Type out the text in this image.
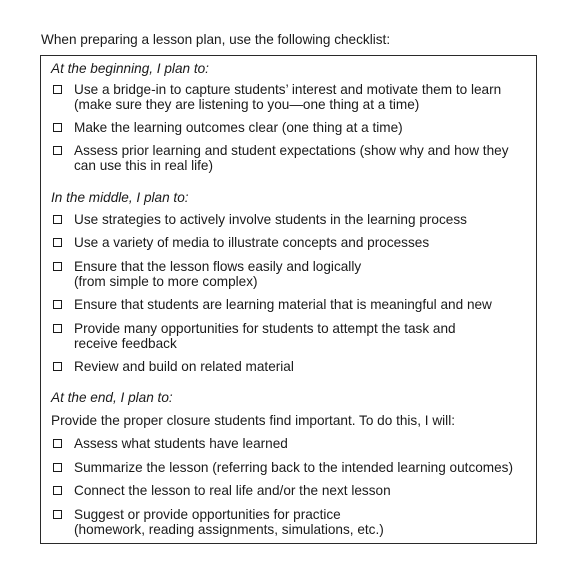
When preparing a lesson plan, use the following checklist:
At the beginning, I plan to:
Use a bridge-in to capture students’ interest and motivate them to learn
(make sure they are listening to you—one thing at a time)
Make the learning outcomes clear (one thing at a time)
Assess prior learning and student expectations (show why and how they
can use this in real life)
In the middle, I plan to:
Use strategies to actively involve students in the learning process
Use a variety of media to illustrate concepts and processes
Ensure that the lesson flows easily and logically
(from simple to more complex)
Ensure that students are learning material that is meaningful and new
Provide many opportunities for students to attempt the task and
receive feedback
Review and build on related material
At the end, I plan to:
Provide the proper closure students find important. To do this, I will:
Assess what students have learned
Summarize the lesson (referring back to the intended learning outcomes)
Connect the lesson to real life and/or the next lesson
Suggest or provide opportunities for practice
(homework, reading assignments, simulations, etc.)
